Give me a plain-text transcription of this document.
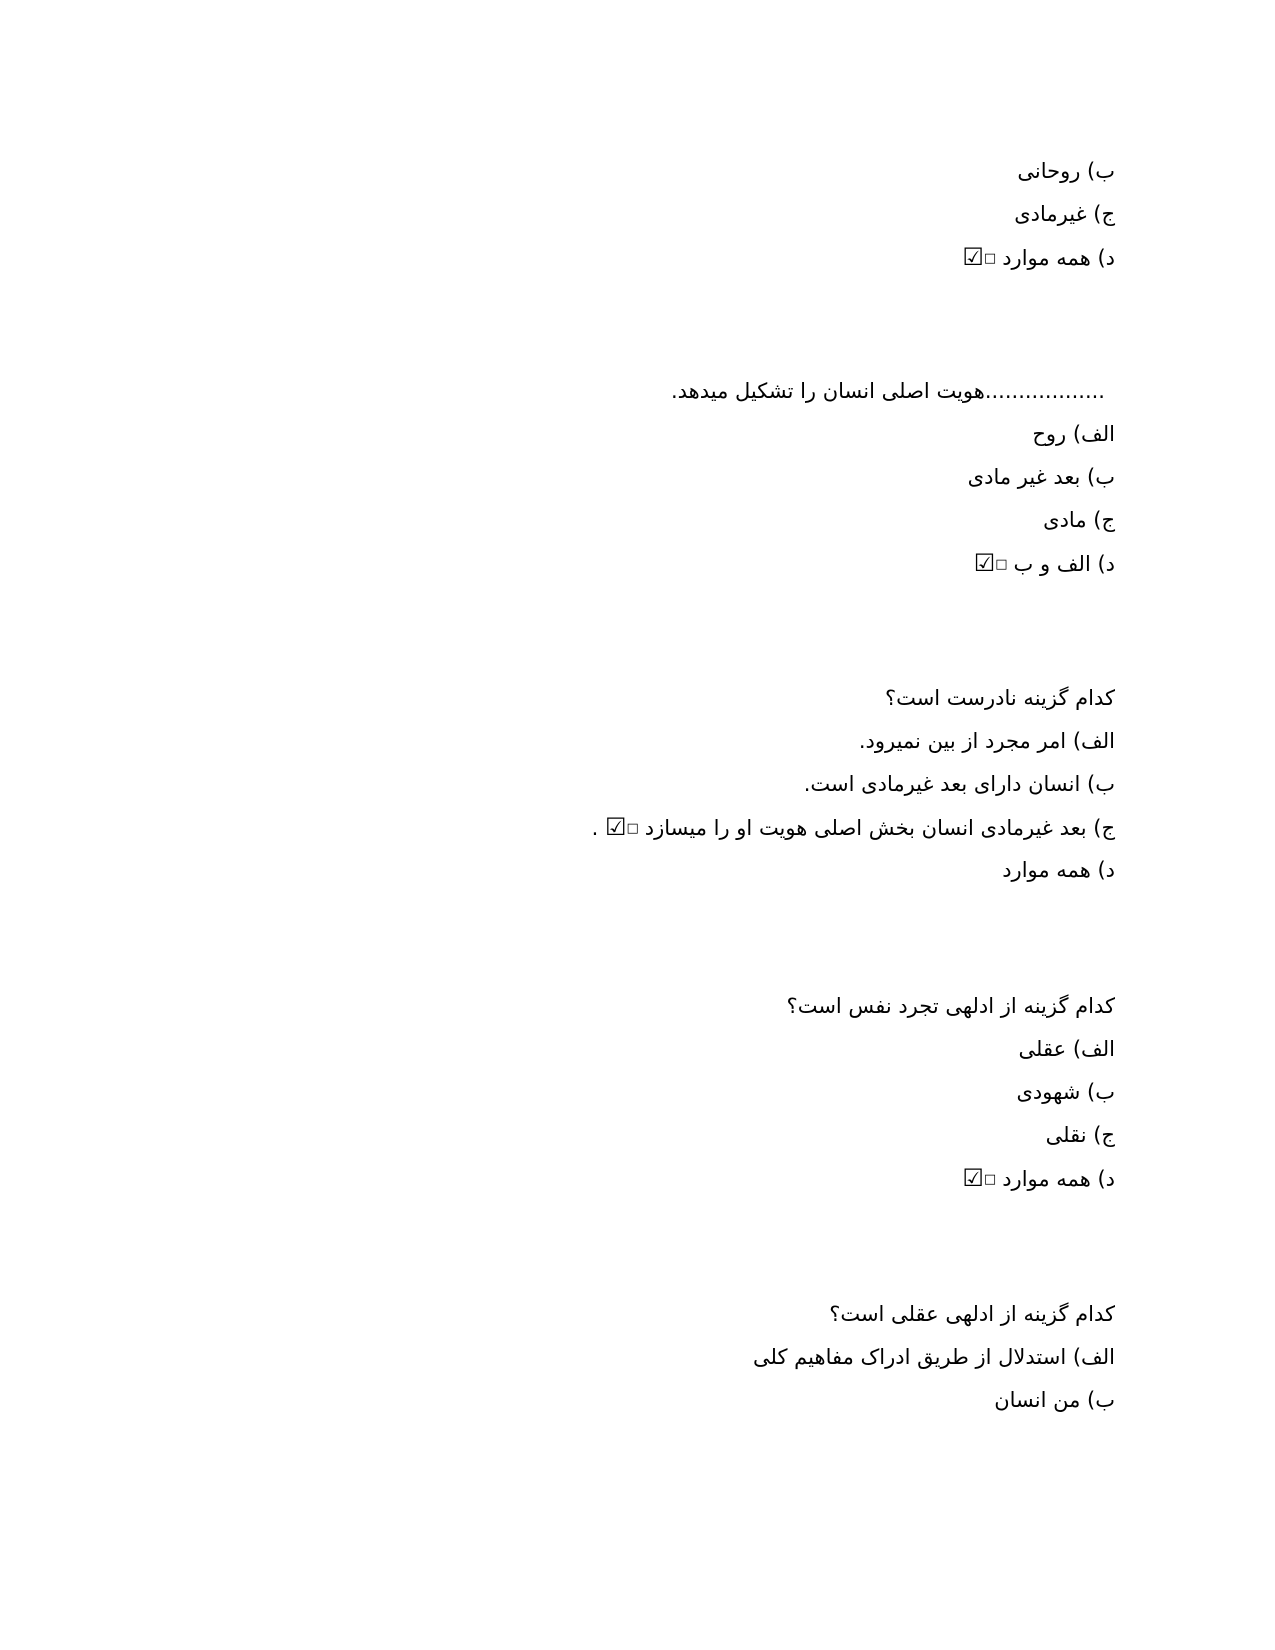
ب) روحانی
ج) غیرمادی
د) همه موارد□☑
..................هویت اصلی انسان را تشکیل میدهد.
الف) روح
ب) بعد غیر مادی
ج) مادی
د) الف و ب□☑
کدام گزینه نادرست است؟
الف) امر مجرد از بین نمیرود.
ب) انسان دارای بعد غیرمادی است.
ج) بعد غیرمادی انسان بخش اصلی هویت او را میسازد□☑ .
د) همه موارد
کدام گزینه از ادلهی تجرد نفس است؟
الف) عقلی
ب) شهودی
ج) نقلی
د) همه موارد□☑
کدام گزینه از ادلهی عقلی است؟
الف) استدلال از طریق ادراک مفاهیم کلی
ب) من انسان
